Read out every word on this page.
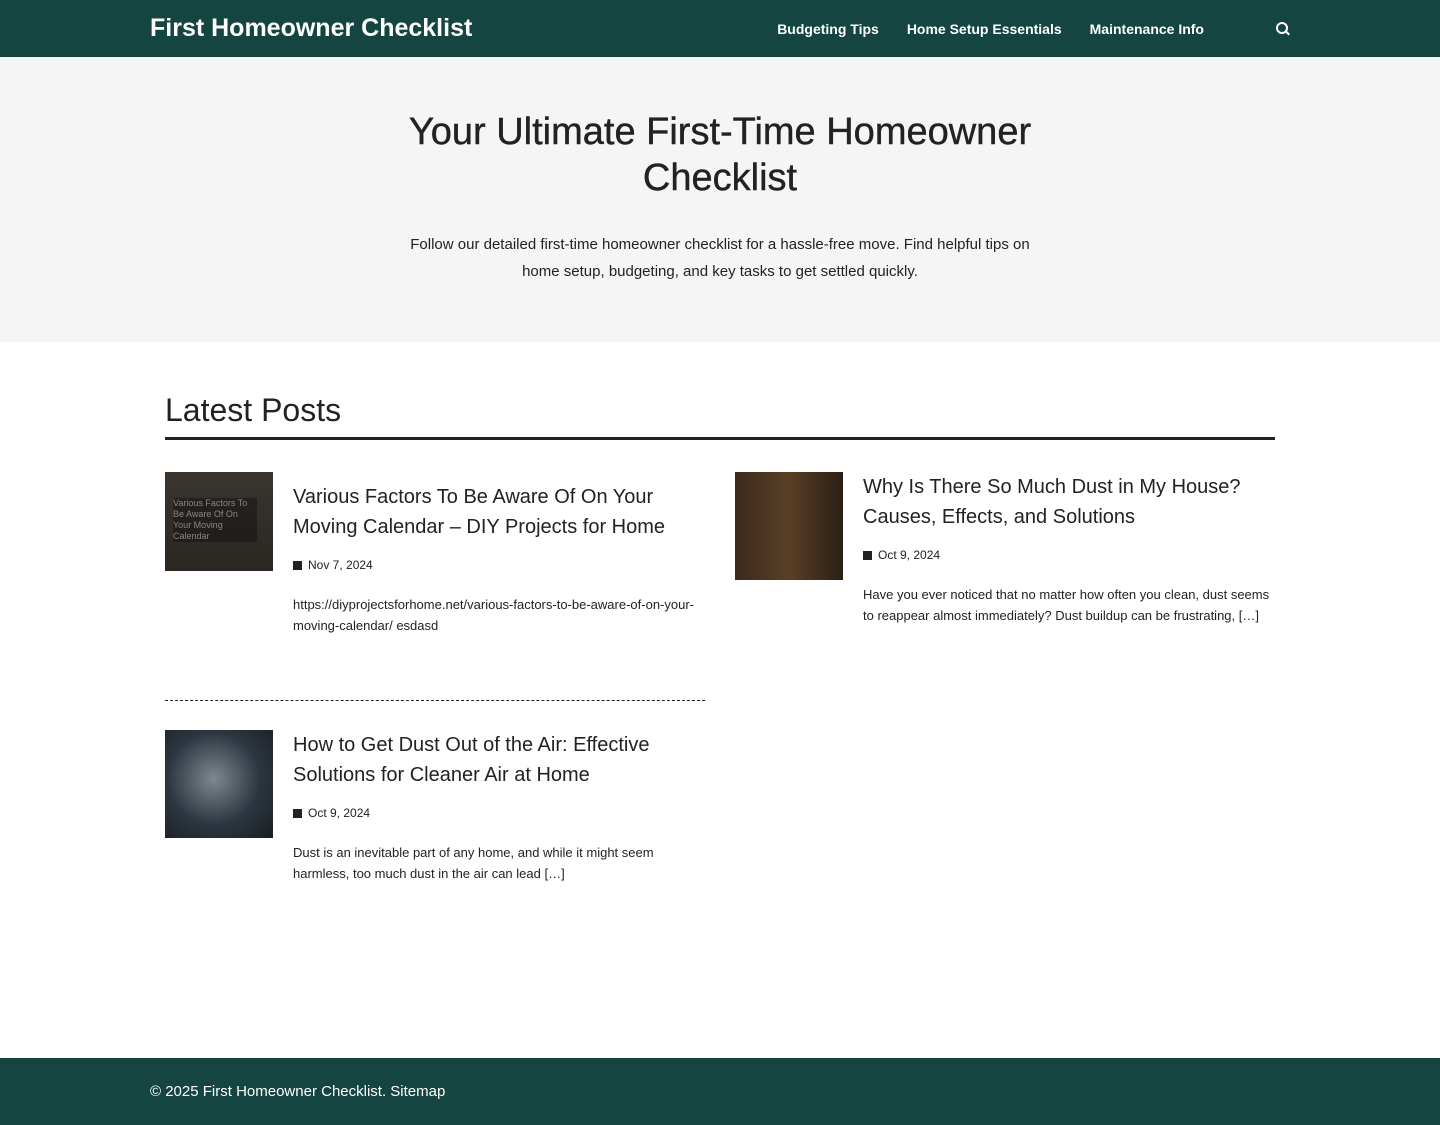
First Homeowner Checklist	Budgeting Tips Home Setup Essentials Maintenance Info
Your Ultimate First-Time Homeowner Checklist

Follow our detailed first-time homeowner checklist for a hassle-free move. Find helpful tips on home setup, budgeting, and key tasks to get settled quickly.

Latest Posts
Various Factors To Be Aware Of On Your Moving Calendar
Various Factors To Be Aware Of On Your Moving Calendar – DIY Projects for Home
Nov 7, 2024

https://diyprojectsforhome.net/various-factors-to-be-aware-of-on-your-moving-calendar/ esdasd

Why Is There So Much Dust in My House? Causes, Effects, and Solutions
Oct 9, 2024

Have you ever noticed that no matter how often you clean, dust seems to reappear almost immediately? Dust buildup can be frustrating, […]

How to Get Dust Out of the Air: Effective Solutions for Cleaner Air at Home
Oct 9, 2024

Dust is an inevitable part of any home, and while it might seem harmless, too much dust in the air can lead […]

© 2025 First Homeowner Checklist. Sitemap
